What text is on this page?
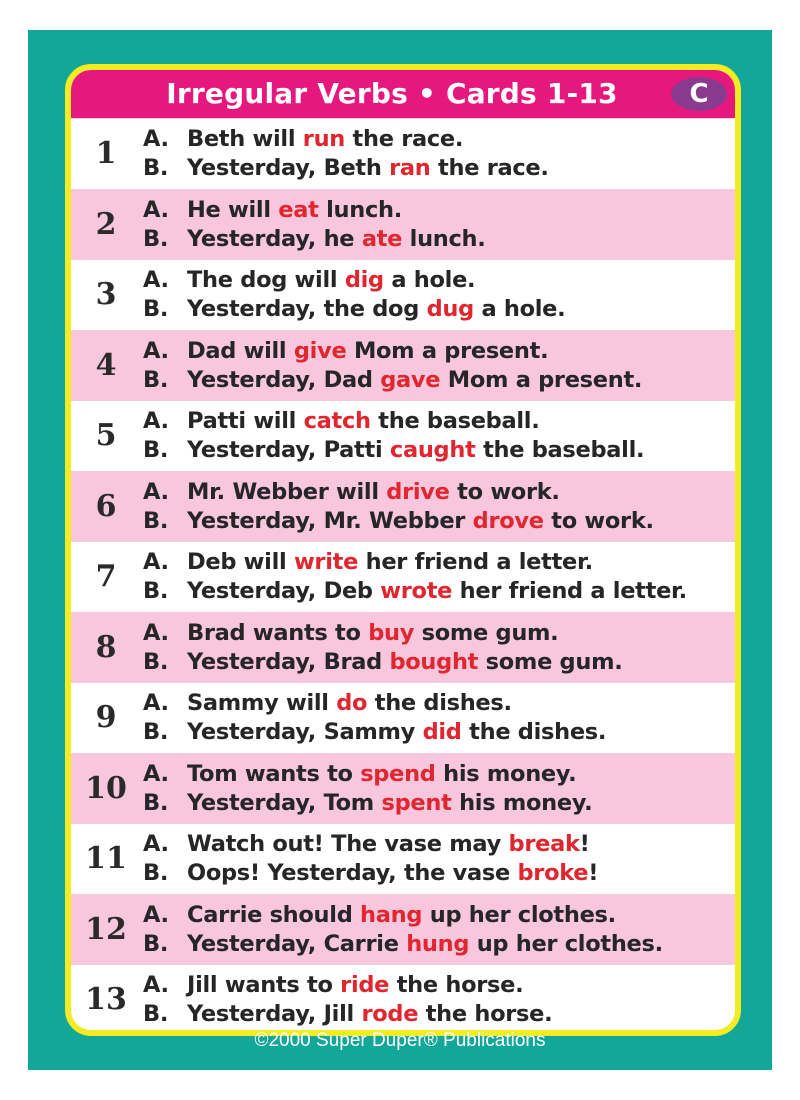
Irregular Verbs • Cards 1-13	C
1	A. Beth will run the race.
B. Yesterday, Beth ran the race.
2	A. He will eat lunch.
B. Yesterday, he ate lunch.
3	A. The dog will dig a hole.
B. Yesterday, the dog dug a hole.
4	A. Dad will give Mom a present.
B. Yesterday, Dad gave Mom a present.
5	A. Patti will catch the baseball.
B. Yesterday, Patti caught the baseball.
6	A. Mr. Webber will drive to work.
B. Yesterday, Mr. Webber drove to work.
7	A. Deb will write her friend a letter.
B. Yesterday, Deb wrote her friend a letter.
8	A. Brad wants to buy some gum.
B. Yesterday, Brad bought some gum.
9	A. Sammy will do the dishes.
B. Yesterday, Sammy did the dishes.
10 A. Tom wants to spend his money.
B. Yesterday, Tom spent his money.
11 A. Watch out! The vase may break!
B. Oops! Yesterday, the vase broke!
12 A. Carrie should hang up her clothes.
B. Yesterday, Carrie hung up her clothes.
13 A. Jill wants to ride the horse.
B. Yesterday, Jill rode the horse.
©2000 Super Duper® Publications
